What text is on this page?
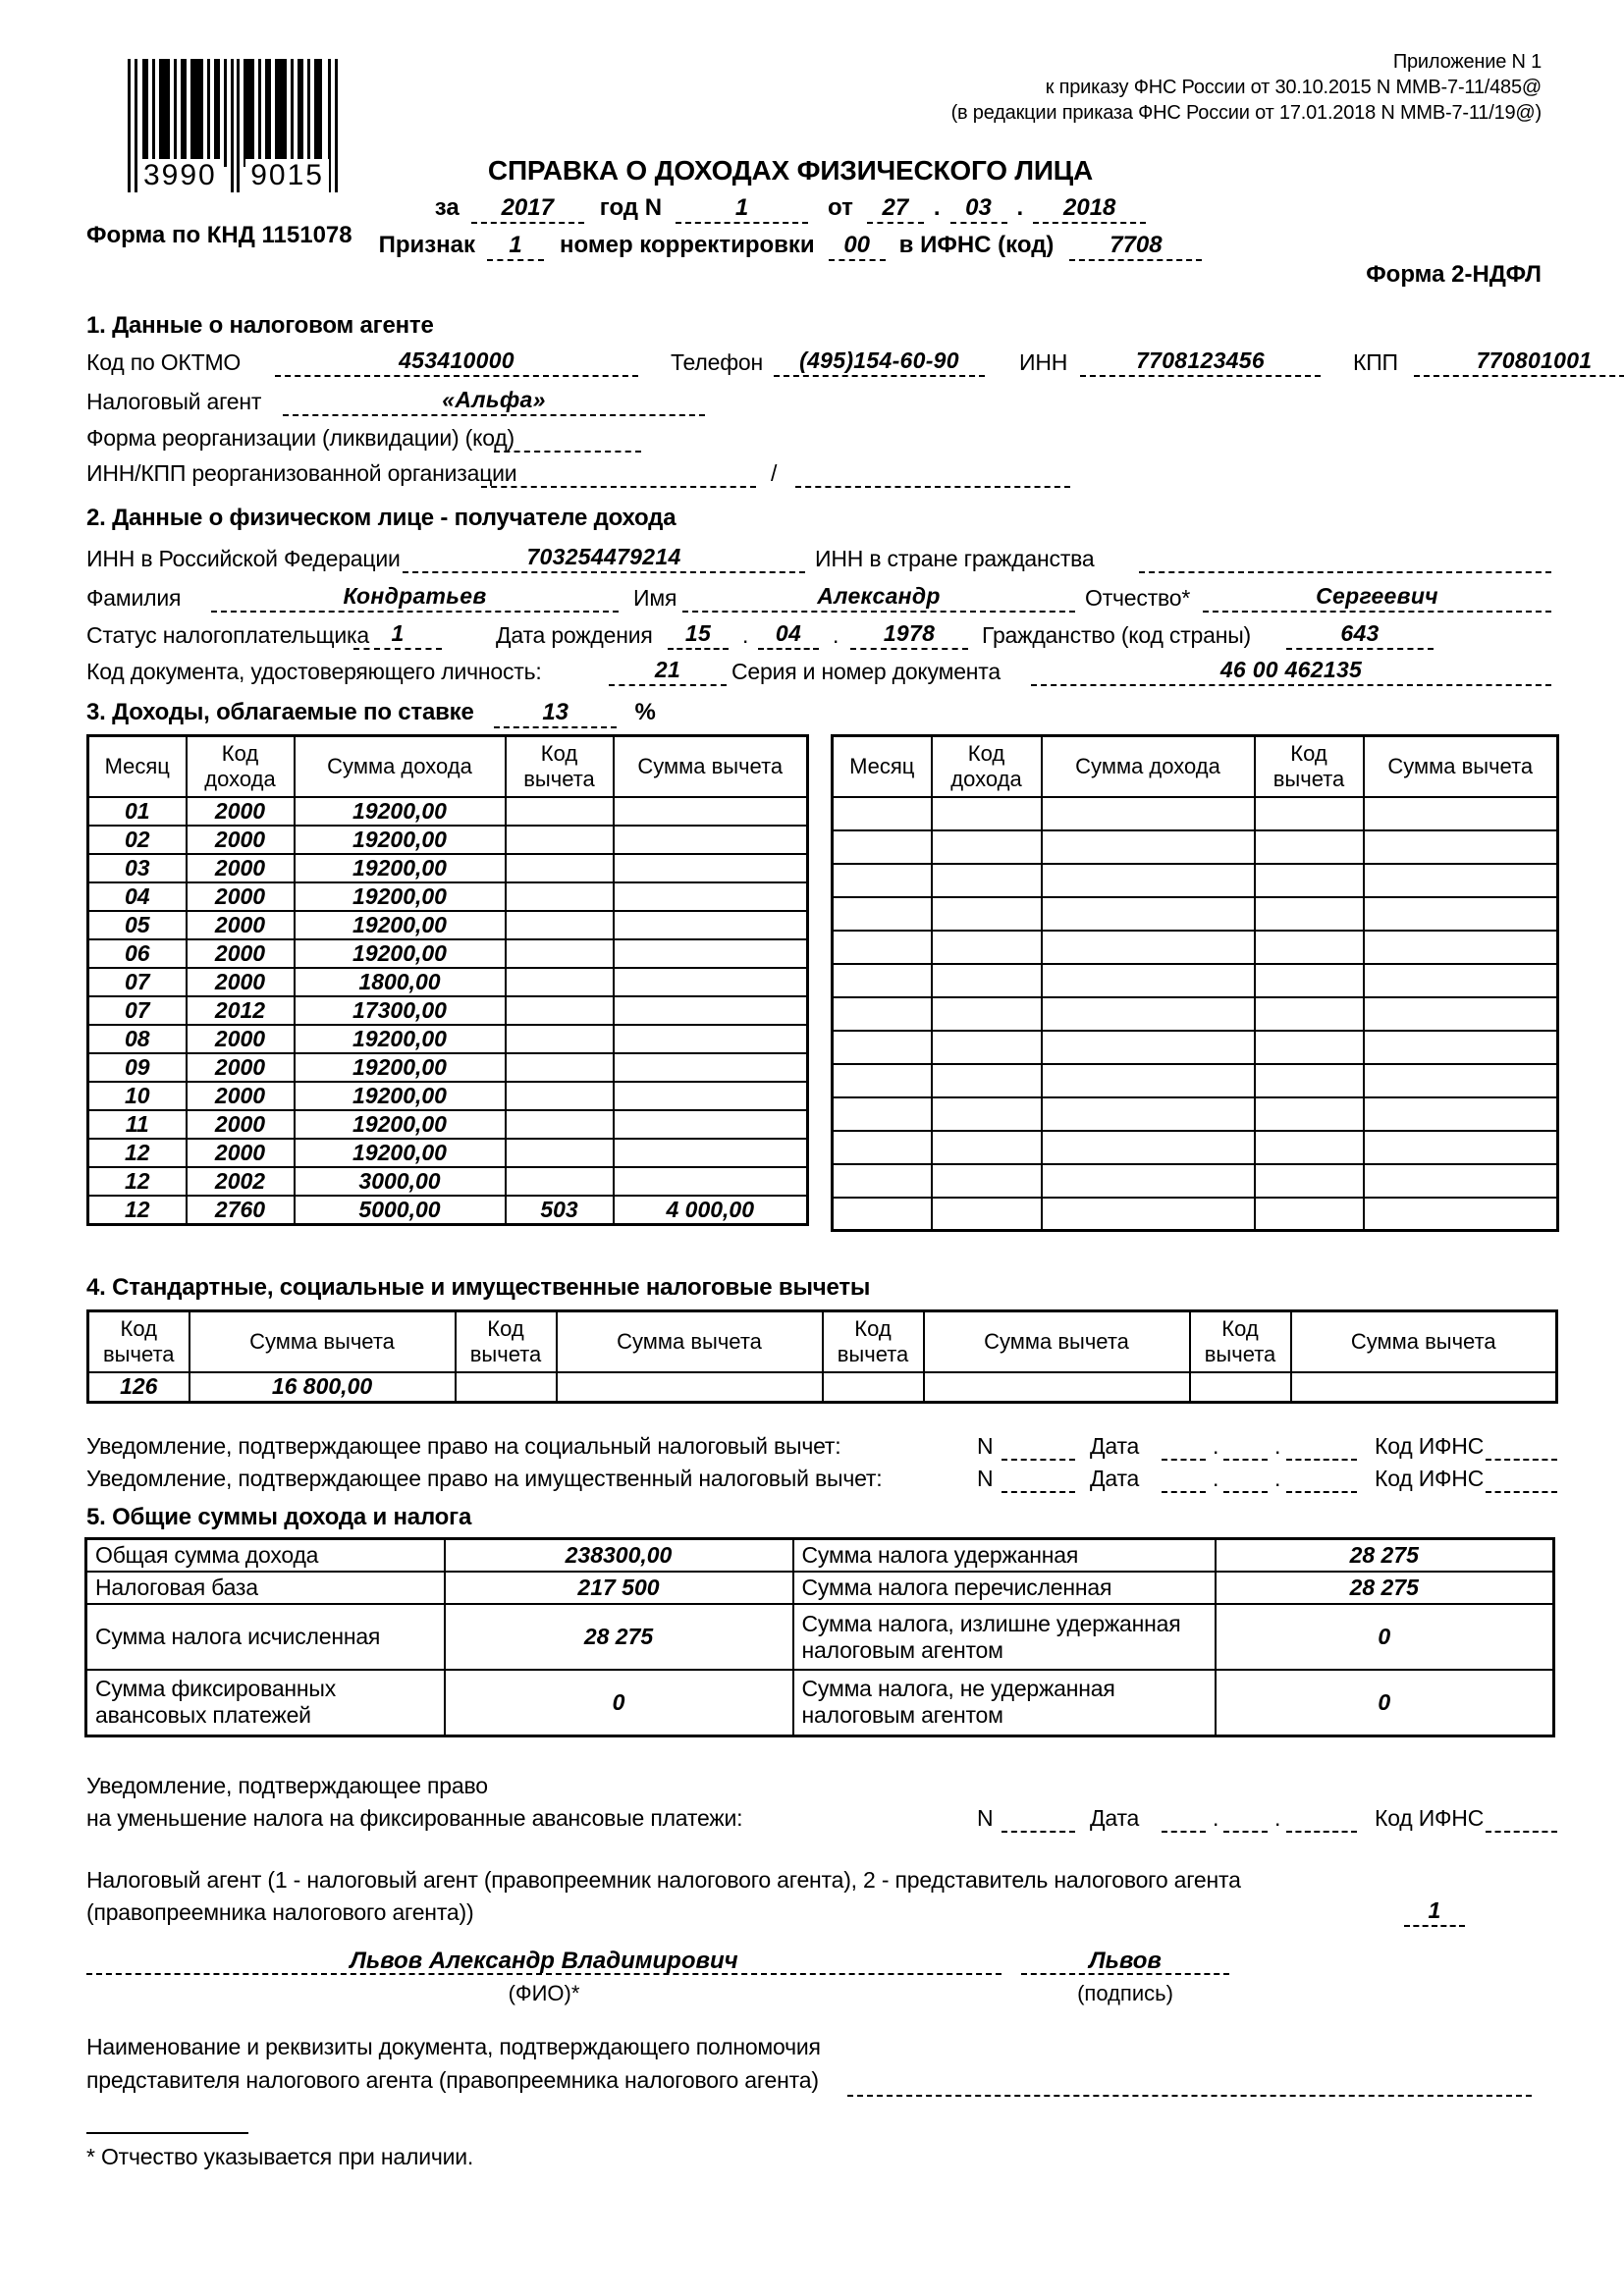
Приложение N 1
к приказу ФНС России от 30.10.2015 N ММВ-7-11/485@
(в редакции приказа ФНС России от 17.01.2018 N ММВ-7-11/19@)
3990 9015
Форма по КНД 1151078
СПРАВКА О ДОХОДАХ ФИЗИЧЕСКОГО ЛИЦА
за	2017	год N	1	от	27	.	03	.	2018
Признак	1	номер корректировки	00	в ИФНС (код)	7708
Форма 2-НДФЛ
1. Данные о налоговом агенте
Код по ОКТМО	453410000	Телефон	(495)154-60-90	ИНН	7708123456	КПП	770801001
Налоговый агент	«Альфа»
Форма реорганизации (ликвидации) (код)
ИНН/КПП реорганизованной организации	/
2. Данные о физическом лице - получателе дохода
ИНН в Российской Федерации	703254479214	ИНН в стране гражданства
Фамилия	Кондратьев	Имя	Александр	Отчество*	Сергеевич
Статус налогоплательщика 1	Дата рождения	15	.	04	.	1978	Гражданство (код страны)	643
Код документа, удостоверяющего личность:	21	Серия и номер документа	46 00 462135
3. Доходы, облагаемые по ставке	13	%
Месяц	Код дохода	Сумма дохода	Код вычета	Сумма вычета
01	2000	19200,00		
02	2000	19200,00		
03	2000	19200,00		
04	2000	19200,00		
05	2000	19200,00		
06	2000	19200,00		
07	2000	1800,00		
07	2012	17300,00		
08	2000	19200,00		
09	2000	19200,00		
10	2000	19200,00		
11	2000	19200,00		
12	2000	19200,00		
12	2002	3000,00		
12	2760	5000,00	503	4 000,00
Месяц	Код дохода	Сумма дохода	Код вычета	Сумма вычета

4. Стандартные, социальные и имущественные налоговые вычеты
Код вычета	Сумма вычета	Код вычета	Сумма вычета	Код вычета	Сумма вычета	Код вычета	Сумма вычета
126	16 800,00						
Уведомление, подтверждающее право на социальный налоговый вычет:	N	Дата	. .	Код ИФНС
Уведомление, подтверждающее право на имущественный налоговый вычет:	N	Дата	. .	Код ИФНС
5. Общие суммы дохода и налога
Общая сумма дохода	238300,00	Сумма налога удержанная	28 275
Налоговая база	217 500	Сумма налога перечисленная	28 275
Сумма налога исчисленная	28 275	Сумма налога, излишне удержанная налоговым агентом	0
Сумма фиксированных авансовых платежей	0	Сумма налога, не удержанная налоговым агентом	0
Уведомление, подтверждающее право
на уменьшение налога на фиксированные авансовые платежи:	N	Дата	. .	Код ИФНС
Налоговый агент (1 - налоговый агент (правопреемник налогового агента), 2 - представитель налогового агента
(правопреемника налогового агента))	1
Львов Александр Владимирович
(ФИО)*
Львов
(подпись)
Наименование и реквизиты документа, подтверждающего полномочия
представителя налогового агента (правопреемника налогового агента)
* Отчество указывается при наличии.
